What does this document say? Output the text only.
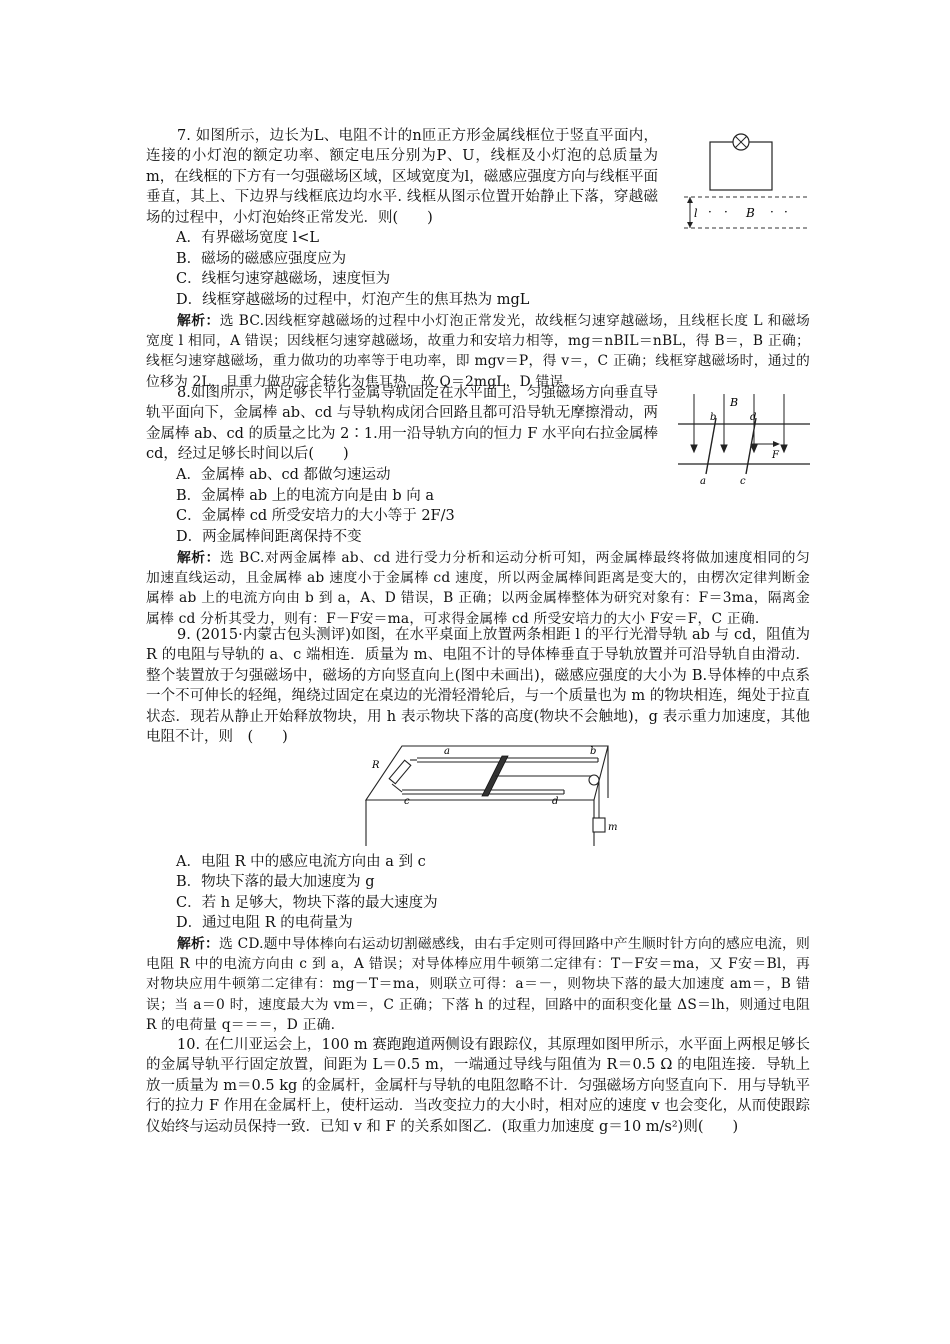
7. 如图所示，边长为L、电阻不计的n匝正方形金属线框位于竖直平面内，连接的小灯泡的额定功率、额定电压分别为P、U，线框及小灯泡的总质量为m，在线框的下方有一匀强磁场区域，区域宽度为l，磁感应强度方向与线框平面垂直，其上、下边界与线框底边均水平. 线框从图示位置开始静止下落，穿越磁场的过程中，小灯泡始终正常发光．则(　　)

A．有界磁场宽度 l<L
B．磁场的磁感应强度应为
C．线框匀速穿越磁场，速度恒为
D．线框穿越磁场的过程中，灯泡产生的焦耳热为 mgL
解析：选 BC.因线框穿越磁场的过程中小灯泡正常发光，故线框匀速穿越磁场，且线框长度 L 和磁场宽度 l 相同，A 错误；因线框匀速穿越磁场，故重力和安培力相等，mg＝nBIL＝nBL，得 B＝，B 正确；线框匀速穿越磁场，重力做功的功率等于电功率，即 mgv＝P，得 v＝，C 正确；线框穿越磁场时，通过的位移为 2L，且重力做功完全转化为焦耳热，故 Q＝2mgL，D 错误.
l · · B · ·

8.如图所示，两足够长平行金属导轨固定在水平面上，匀强磁场方向垂直导轨平面向下，金属棒 ab、cd 与导轨构成闭合回路且都可沿导轨无摩擦滑动，两金属棒 ab、cd 的质量之比为 2∶1.用一沿导轨方向的恒力 F 水平向右拉金属棒 cd，经过足够长时间以后(　　)

A．金属棒 ab、cd 都做匀速运动
B．金属棒 ab 上的电流方向是由 b 向 a
C．金属棒 cd 所受安培力的大小等于 2F/3
D．两金属棒间距离保持不变
解析：选 BC.对两金属棒 ab、cd 进行受力分析和运动分析可知，两金属棒最终将做加速度相同的匀加速直线运动，且金属棒 ab 速度小于金属棒 cd 速度，所以两金属棒间距离是变大的，由楞次定律判断金属棒 ab 上的电流方向由 b 到 a，A、D 错误，B 正确；以两金属棒整体为研究对象有：F＝3ma，隔离金属棒 cd 分析其受力，则有：F－F安＝ma，可求得金属棒 cd 所受安培力的大小 F安＝F，C 正确.
B
b	d
a	c
F

9. (2015·内蒙古包头测评)如图，在水平桌面上放置两条相距 l 的平行光滑导轨 ab 与 cd，阻值为 R 的电阻与导轨的 a、c 端相连．质量为 m、电阻不计的导体棒垂直于导轨放置并可沿导轨自由滑动．整个装置放于匀强磁场中，磁场的方向竖直向上(图中未画出)，磁感应强度的大小为 B.导体棒的中点系一个不可伸长的轻绳，绳绕过固定在桌边的光滑轻滑轮后，与一个质量也为 m 的物块相连，绳处于拉直状态．现若从静止开始释放物块，用 h 表示物块下落的高度(物块不会触地)，g 表示重力加速度，其他电阻不计，则　(　　)

a	b
c	d
R
m
A．电阻 R 中的感应电流方向由 a 到 c
B．物块下落的最大加速度为 g
C．若 h 足够大，物块下落的最大速度为
D．通过电阻 R 的电荷量为
解析：选 CD.题中导体棒向右运动切割磁感线，由右手定则可得回路中产生顺时针方向的感应电流，则电阻 R 中的电流方向由 c 到 a，A 错误；对导体棒应用牛顿第二定律有：T－F安＝ma，又 F安＝Bl，再对物块应用牛顿第二定律有：mg－T＝ma，则联立可得：a＝－，则物块下落的最大加速度 am＝，B 错误；当 a＝0 时，速度最大为 vm＝，C 正确；下落 h 的过程，回路中的面积变化量 ΔS＝lh，则通过电阻 R 的电荷量 q＝＝＝，D 正确.

10. 在仁川亚运会上，100 m 赛跑跑道两侧设有跟踪仪，其原理如图甲所示，水平面上两根足够长的金属导轨平行固定放置，间距为 L＝0.5 m，一端通过导线与阻值为 R＝0.5 Ω 的电阻连接．导轨上放一质量为 m＝0.5 kg 的金属杆，金属杆与导轨的电阻忽略不计．匀强磁场方向竖直向下．用与导轨平行的拉力 F 作用在金属杆上，使杆运动．当改变拉力的大小时，相对应的速度 v 也会变化，从而使跟踪仪始终与运动员保持一致．已知 v 和 F 的关系如图乙．(取重力加速度 g＝10 m/s²)则(　　)
